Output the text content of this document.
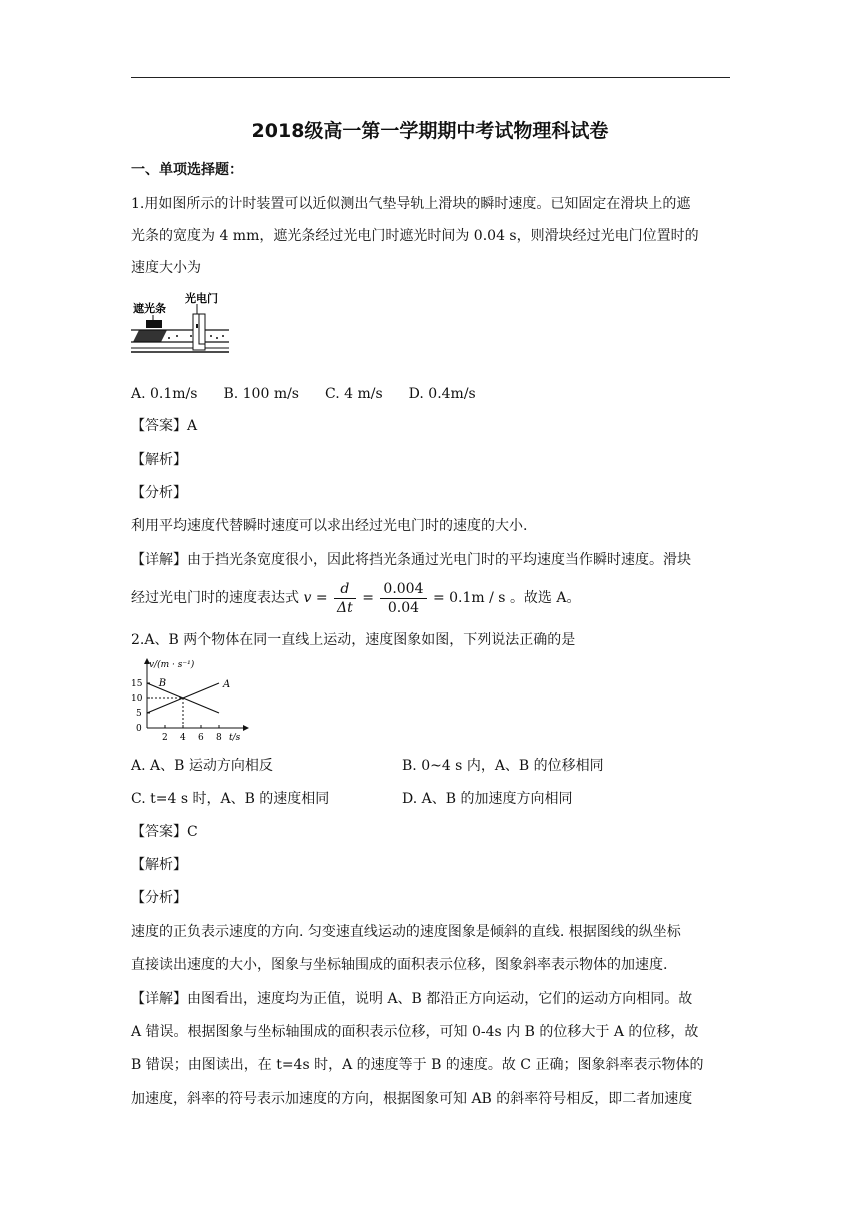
2018级高一第一学期期中考试物理科试卷
一、单项选择题：
1.用如图所示的计时装置可以近似测出气垫导轨上滑块的瞬时速度。已知固定在滑块上的遮
光条的宽度为 4 mm，遮光条经过光电门时遮光时间为 0.04 s，则滑块经过光电门位置时的
速度大小为
遮光条
光电门
A. 0.1m/s B. 100 m/s C. 4 m/s D. 0.4m/s
【答案】A
【解析】
【分析】
利用平均速度代替瞬时速度可以求出经过光电门时的速度的大小.
【详解】由于挡光条宽度很小，因此将挡光条通过光电门时的平均速度当作瞬时速度。滑块
经过光电门时的速度表达式 $v = \frac{d}{\Delta t} = \frac{0.004}{0.04} = 0.1m / s$ 。故选 A。
2.A、B 两个物体在同一直线上运动，速度图象如图，下列说法正确的是
v/(m · s⁻¹)
t/s
2 4 6 8
15
10
5
0
A
B
A. A、B 运动方向相反	B. 0~4 s 内，A、B 的位移相同
C. t=4 s 时，A、B 的速度相同	D. A、B 的加速度方向相同
【答案】C
【解析】
【分析】
速度的正负表示速度的方向. 匀变速直线运动的速度图象是倾斜的直线. 根据图线的纵坐标
直接读出速度的大小，图象与坐标轴围成的面积表示位移，图象斜率表示物体的加速度.
【详解】由图看出，速度均为正值，说明 A、B 都沿正方向运动，它们的运动方向相同。故
A 错误。根据图象与坐标轴围成的面积表示位移，可知 0-4s 内 B 的位移大于 A 的位移，故
B 错误；由图读出，在 t=4s 时，A 的速度等于 B 的速度。故 C 正确；图象斜率表示物体的
加速度，斜率的符号表示加速度的方向，根据图象可知 AB 的斜率符号相反，即二者加速度
